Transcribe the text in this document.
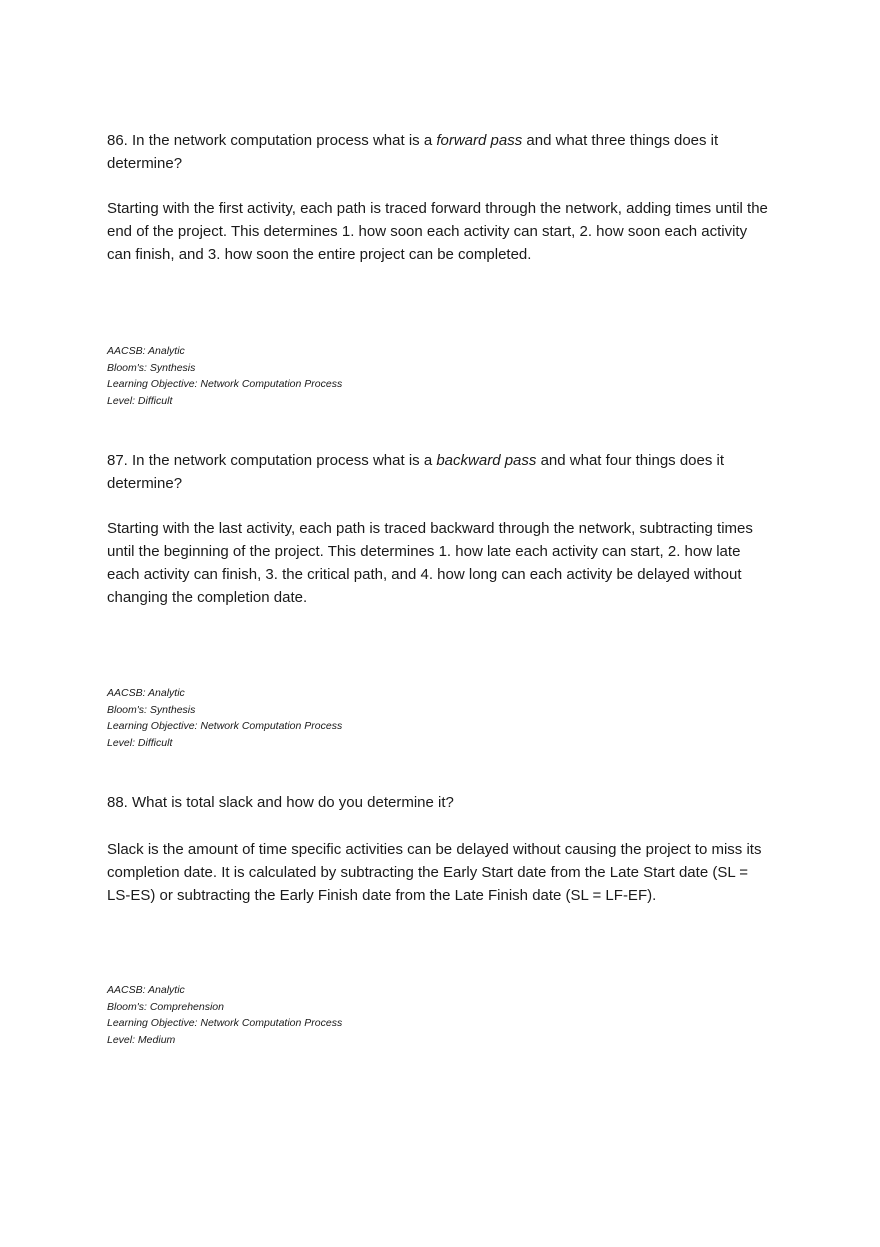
86. In the network computation process what is a forward pass and what three things does it determine?

Starting with the first activity, each path is traced forward through the network, adding times until the end of the project. This determines 1. how soon each activity can start, 2. how soon each activity can finish, and 3. how soon the entire project can be completed.

AACSB: Analytic
Bloom's: Synthesis
Learning Objective: Network Computation Process
Level: Difficult

87. In the network computation process what is a backward pass and what four things does it determine?

Starting with the last activity, each path is traced backward through the network, subtracting times until the beginning of the project. This determines 1. how late each activity can start, 2. how late each activity can finish, 3. the critical path, and 4. how long can each activity be delayed without changing the completion date.

AACSB: Analytic
Bloom's: Synthesis
Learning Objective: Network Computation Process
Level: Difficult

88. What is total slack and how do you determine it?

Slack is the amount of time specific activities can be delayed without causing the project to miss its completion date. It is calculated by subtracting the Early Start date from the Late Start date (SL = LS-ES) or subtracting the Early Finish date from the Late Finish date (SL = LF-EF).

AACSB: Analytic
Bloom's: Comprehension
Learning Objective: Network Computation Process
Level: Medium
